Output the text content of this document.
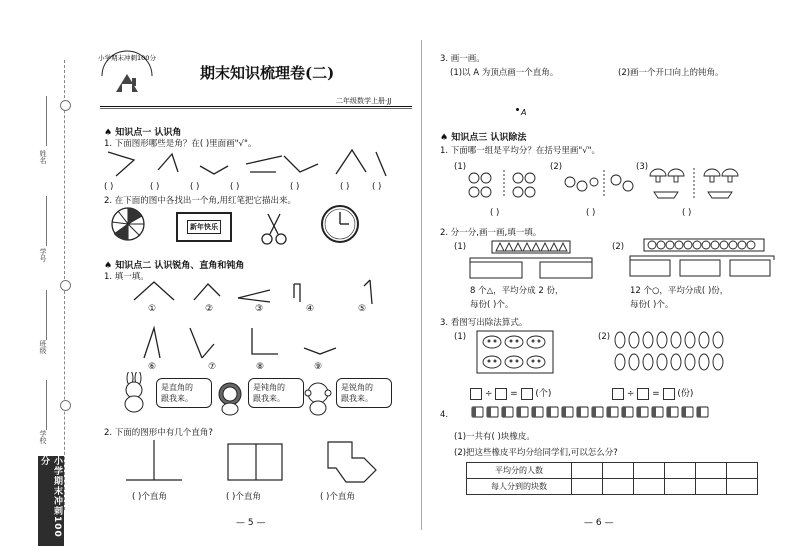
姓名
学号
班级
学校
小学期末冲刺100分
小学期末冲刺100分
期末知识梳理卷(二)
二年级数学上册·JJ
♠ 知识点一 认识角
1. 下面图形哪些是角？在( )里面画"√"。
( )	( )	( )	( )	( )	( )	( )
2. 在下面的图中各找出一个角,用红笔把它描出来。
新年快乐
♠ 知识点二 认识锐角、直角和钝角
1. 填一填。
①	②	③	④	⑤
⑥	⑦	⑧	⑨
是直角的
跟我来。
是钝角的
跟我来。
是锐角的
跟我来。
2. 下面的图形中有几个直角?
( )个直角	( )个直角	( )个直角
— 5 —
3. 画一画。
(1)以 A 为顶点画一个直角。	(2)画一个开口向上的钝角。
A
♠ 知识点三 认识除法
1. 下面哪一组是平均分？在括号里画"√"。
(1)	(2)	(3)
( )	( )	( )
2. 分一分,画一画,填一填。
(1)	(2)
8 个△，平均分成 2 份，
每份( )个。
12 个○，平均分成( )份，
每份( )个。
3. 看图写出除法算式。
(1)	(2)
÷  =  (个)	÷  =  (份)
4.
(1)一共有( )块橡皮。
(2)把这些橡皮平均分给同学们,可以怎么分?
平均分的人数						
每人分到的块数						
— 6 —
